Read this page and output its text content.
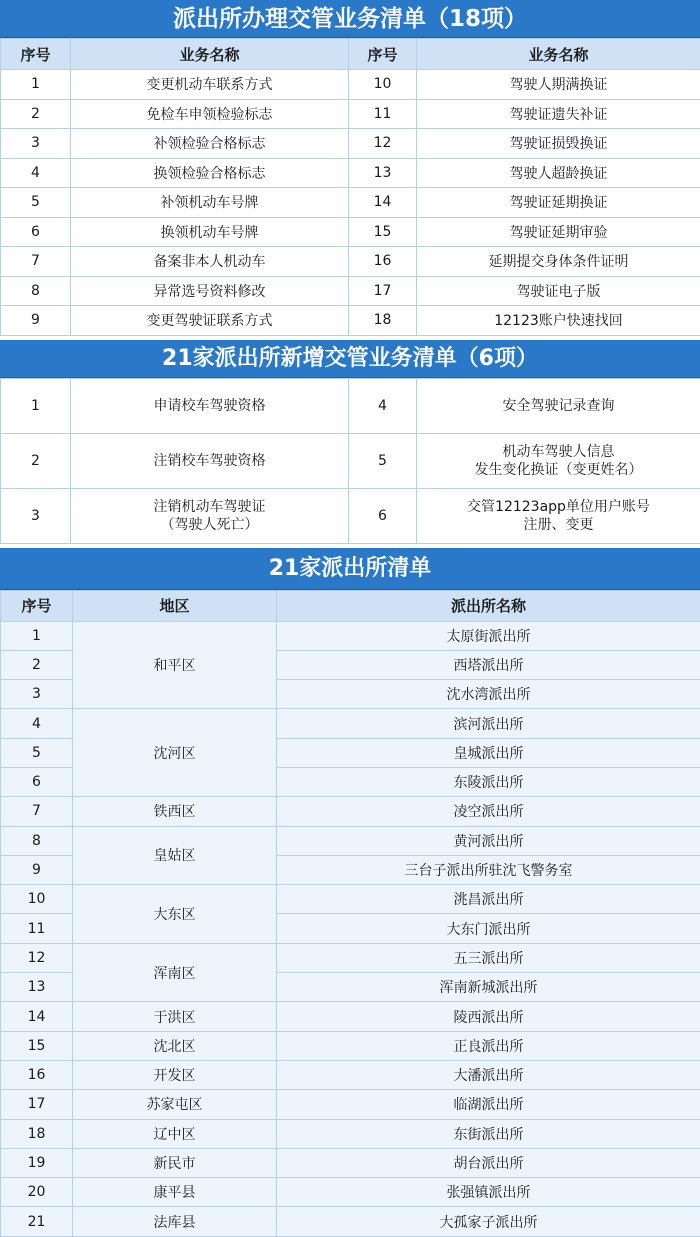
派出所办理交管业务清单（18项）
序号	业务名称	序号	业务名称
1	变更机动车联系方式	10	驾驶人期满换证
2	免检车申领检验标志	11	驾驶证遗失补证
3	补领检验合格标志	12	驾驶证损毁换证
4	换领检验合格标志	13	驾驶人超龄换证
5	补领机动车号牌	14	驾驶证延期换证
6	换领机动车号牌	15	驾驶证延期审验
7	备案非本人机动车	16	延期提交身体条件证明
8	异常选号资料修改	17	驾驶证电子版
9	变更驾驶证联系方式	18	12123账户快速找回
21家派出所新增交管业务清单（6项）
1	申请校车驾驶资格	4	安全驾驶记录查询

2	注销校车驾驶资格	5	机动车驾驶人信息
发生变化换证（变更姓名）

3	注销机动车驾驶证
（驾驶人死亡）	6	交管12123app单位用户账号
注册、变更
21家派出所清单
序号	地区	派出所名称
1	和平区	太原街派出所
2		西塔派出所
3		沈水湾派出所
4	沈河区	滨河派出所
5		皇城派出所
6		东陵派出所
7	铁西区	凌空派出所
8	皇姑区	黄河派出所
9		三台子派出所驻沈飞警务室
10	大东区	洮昌派出所
11		大东门派出所
12	浑南区	五三派出所
13		浑南新城派出所
14	于洪区	陵西派出所
15	沈北区	正良派出所
16	开发区	大潘派出所
17	苏家屯区	临湖派出所
18	辽中区	东街派出所
19	新民市	胡台派出所
20	康平县	张强镇派出所
21	法库县	大孤家子派出所
